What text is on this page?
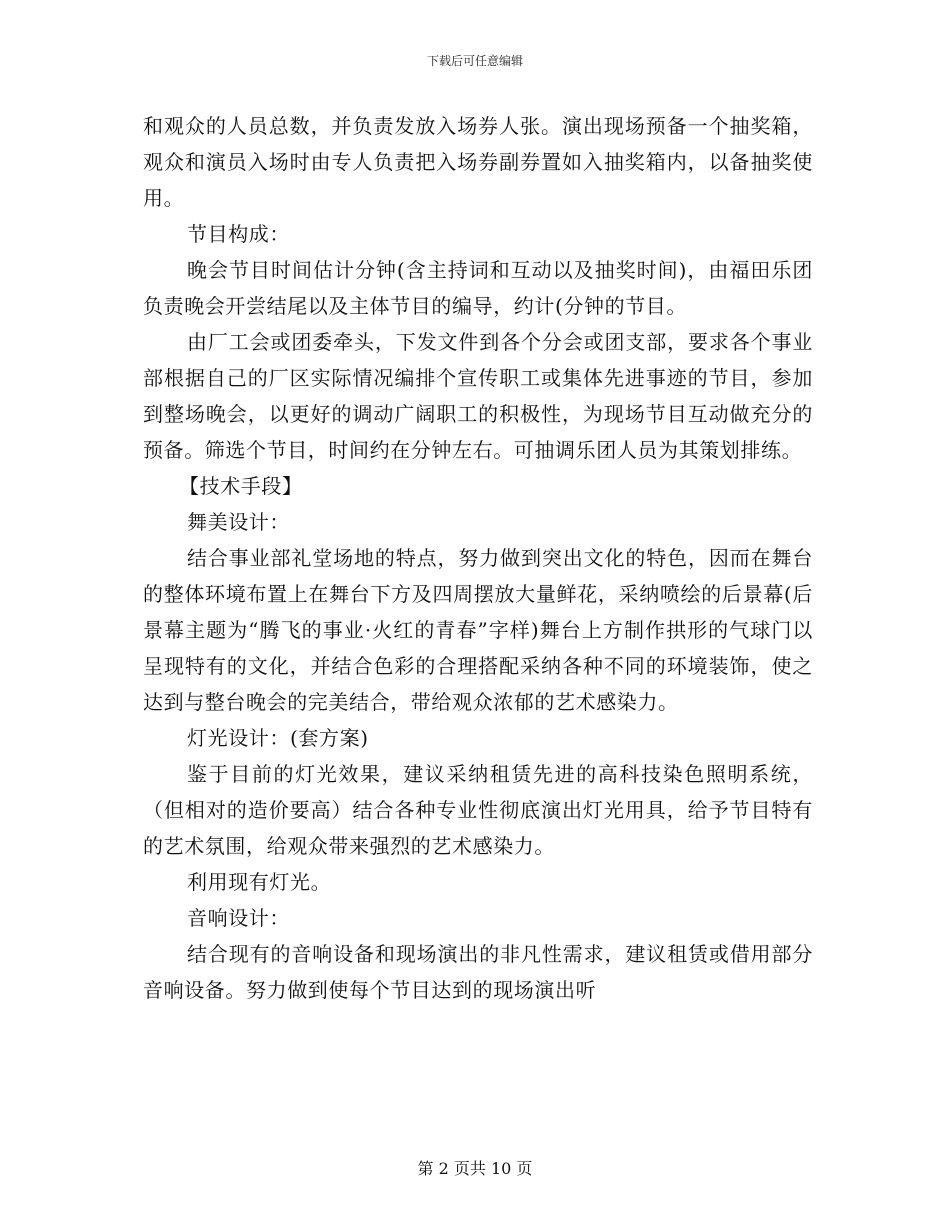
下载后可任意编辑

和观众的人员总数，并负责发放入场券人张。演出现场预备一个抽奖箱，观众和演员入场时由专人负责把入场券副券置如入抽奖箱内，以备抽奖使用。

节目构成：

晚会节目时间估计分钟(含主持词和互动以及抽奖时间)，由福田乐团负责晚会开尝结尾以及主体节目的编导，约计(分钟的节目。

由厂工会或团委牵头，下发文件到各个分会或团支部，要求各个事业部根据自己的厂区实际情况编排个宣传职工或集体先进事迹的节目，参加到整场晚会，以更好的调动广阔职工的积极性，为现场节目互动做充分的预备。筛选个节目，时间约在分钟左右。可抽调乐团人员为其策划排练。

【技术手段】

舞美设计：

结合事业部礼堂场地的特点，努力做到突出文化的特色，因而在舞台的整体环境布置上在舞台下方及四周摆放大量鲜花，采纳喷绘的后景幕(后景幕主题为“腾飞的事业·火红的青春”字样)舞台上方制作拱形的气球门以呈现特有的文化，并结合色彩的合理搭配采纳各种不同的环境装饰，使之达到与整台晚会的完美结合，带给观众浓郁的艺术感染力。

灯光设计：(套方案)

鉴于目前的灯光效果，建议采纳租赁先进的高科技染色照明系统，（但相对的造价要高）结合各种专业性彻底演出灯光用具，给予节目特有的艺术氛围，给观众带来强烈的艺术感染力。

利用现有灯光。

音响设计：

结合现有的音响设备和现场演出的非凡性需求，建议租赁或借用部分音响设备。努力做到使每个节目达到的现场演出听

第 2 页共 10 页
